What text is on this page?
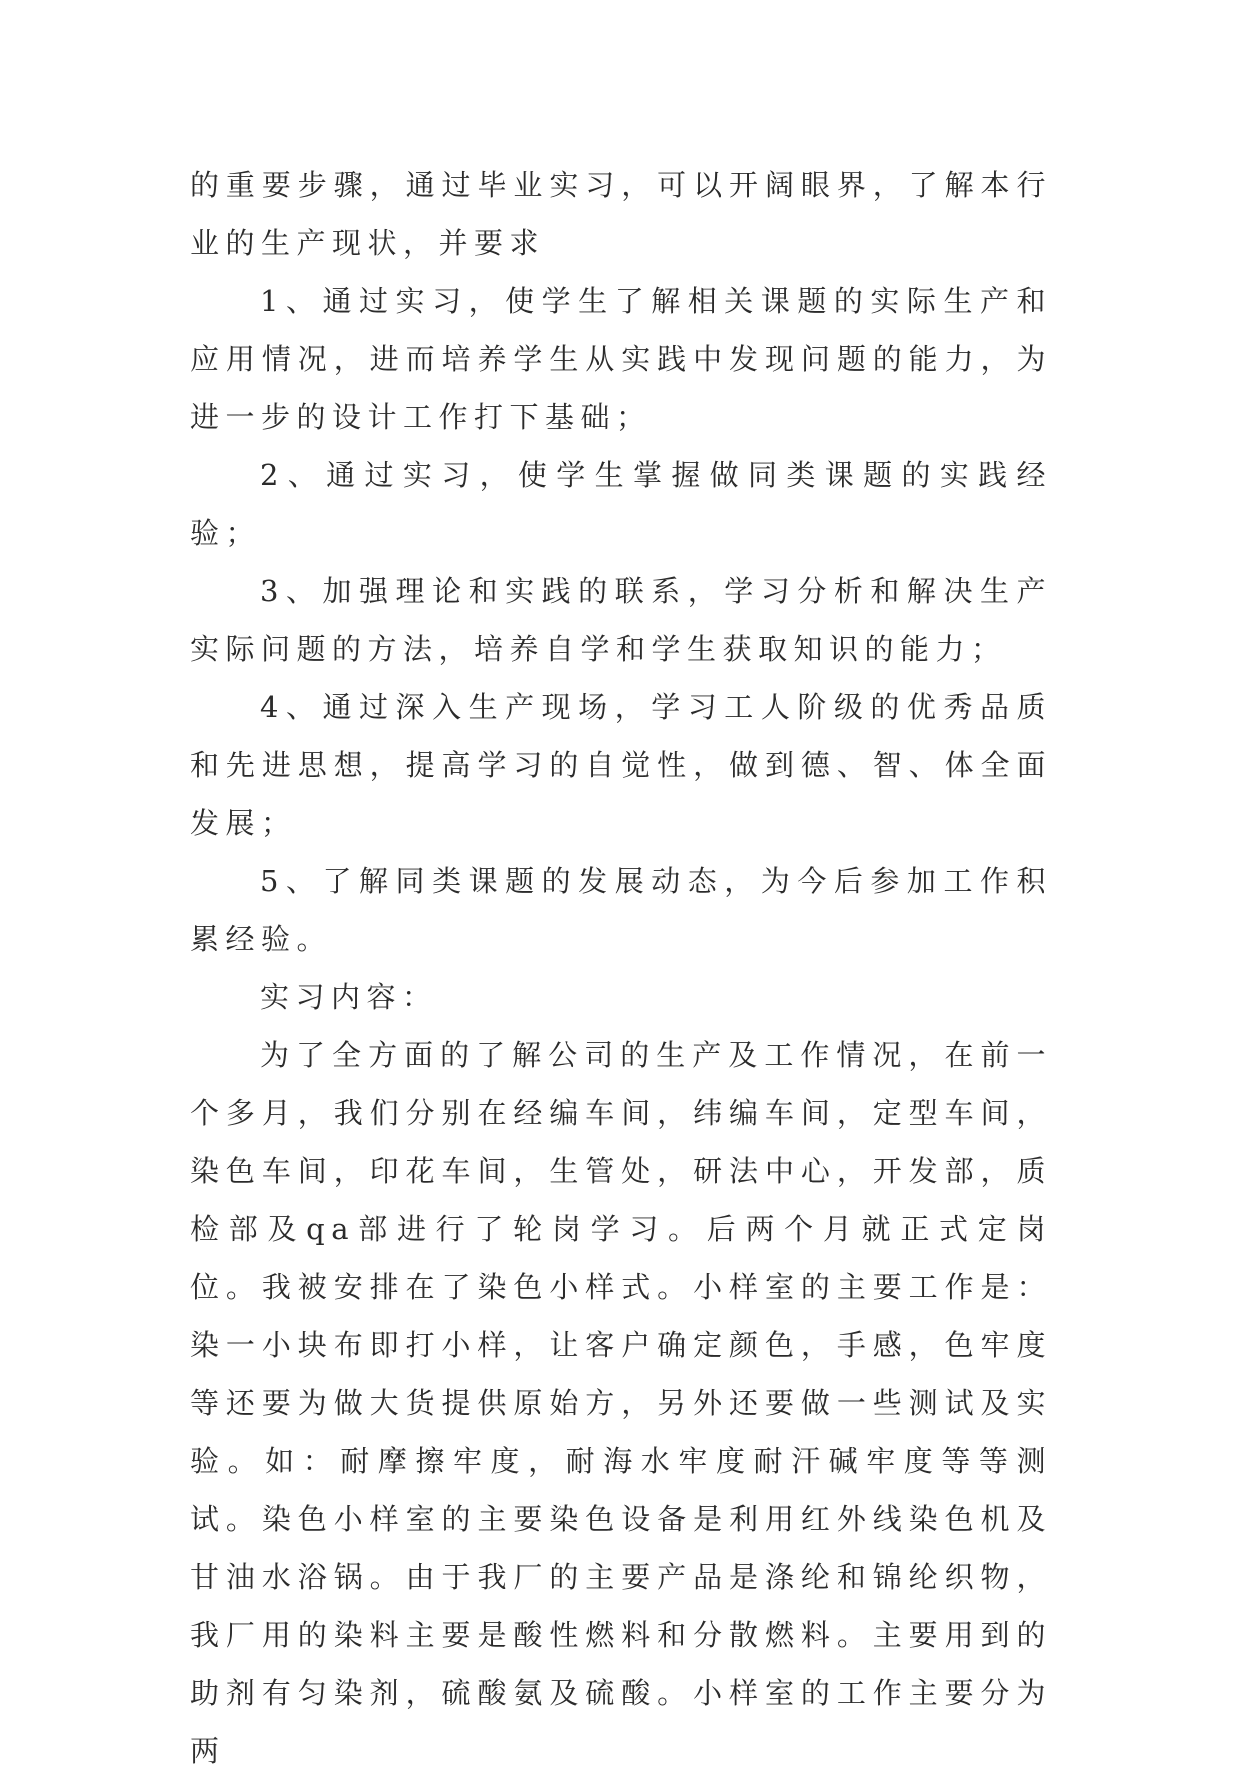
的重要步骤，通过毕业实习，可以开阔眼界，了解本行业的生产现状，并要求

1、通过实习，使学生了解相关课题的实际生产和应用情况，进而培养学生从实践中发现问题的能力，为进一步的设计工作打下基础；

2、通过实习，使学生掌握做同类课题的实践经验；

3、加强理论和实践的联系，学习分析和解决生产实际问题的方法，培养自学和学生获取知识的能力；

4、通过深入生产现场，学习工人阶级的优秀品质和先进思想，提高学习的自觉性，做到德、智、体全面发展；

5、了解同类课题的发展动态，为今后参加工作积累经验。

实习内容：

为了全方面的了解公司的生产及工作情况，在前一个多月，我们分别在经编车间，纬编车间，定型车间，染色车间，印花车间，生管处，研法中心，开发部，质检部及qa部进行了轮岗学习。后两个月就正式定岗位。我被安排在了染色小样式。小样室的主要工作是：染一小块布即打小样，让客户确定颜色，手感，色牢度等还要为做大货提供原始方，另外还要做一些测试及实验。如：耐摩擦牢度，耐海水牢度耐汗碱牢度等等测试。染色小样室的主要染色设备是利用红外线染色机及甘油水浴锅。由于我厂的主要产品是涤纶和锦纶织物，我厂用的染料主要是酸性燃料和分散燃料。主要用到的助剂有匀染剂，硫酸氨及硫酸。小样室的工作主要分为两
